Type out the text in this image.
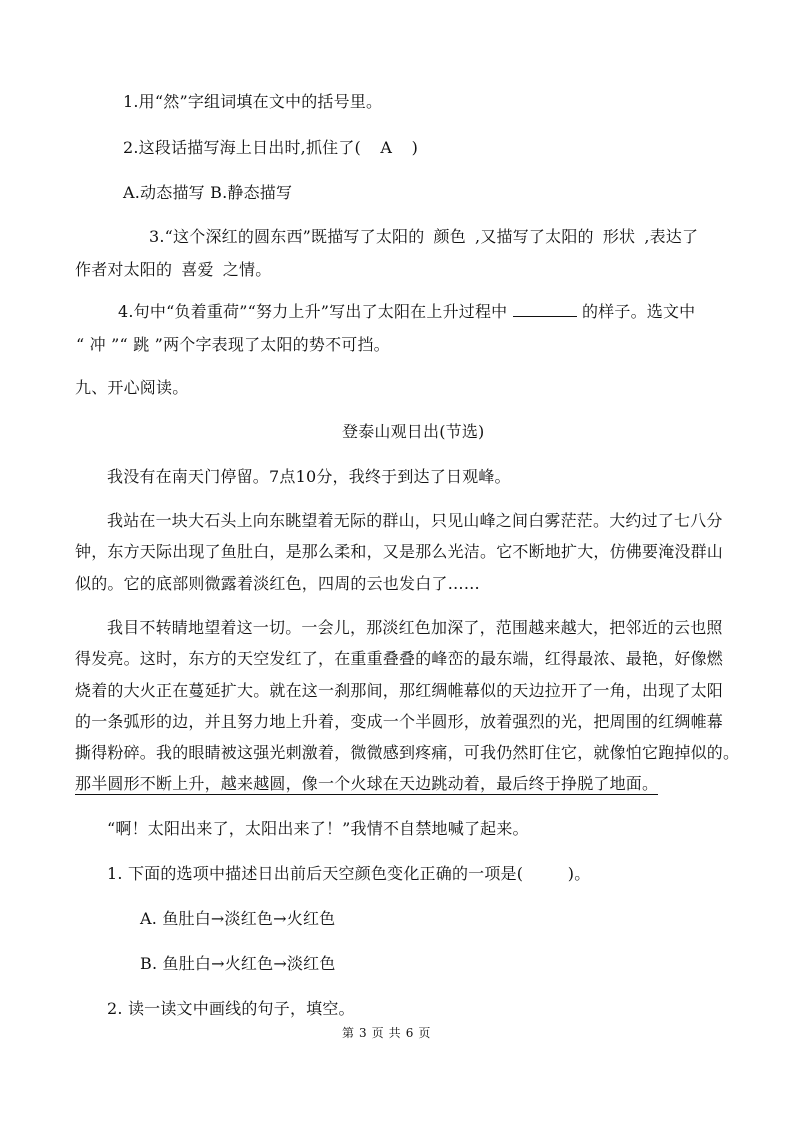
1.用“然”字组词填在文中的括号里。
2.这段话描写海上日出时,抓住了( A )
A.动态描写 B.静态描写
3.“这个深红的圆东西”既描写了太阳的 颜色 ,又描写了太阳的 形状 ,表达了
作者对太阳的 喜爱 之情。
4.句中“负着重荷”“努力上升”写出了太阳在上升过程中	的样子。选文中
“ 冲 ”“ 跳 ”两个字表现了太阳的势不可挡。
九、开心阅读。
登泰山观日出(节选)
我没有在南天门停留。7点10分，我终于到达了日观峰。
我站在一块大石头上向东眺望着无际的群山，只见山峰之间白雾茫茫。大约过了七八分
钟，东方天际出现了鱼肚白，是那么柔和，又是那么光洁。它不断地扩大，仿佛要淹没群山
似的。它的底部则微露着淡红色，四周的云也发白了……
我目不转睛地望着这一切。一会儿，那淡红色加深了，范围越来越大，把邻近的云也照
得发亮。这时，东方的天空发红了，在重重叠叠的峰峦的最东端，红得最浓、最艳，好像燃
烧着的大火正在蔓延扩大。就在这一刹那间，那红绸帷幕似的天边拉开了一角，出现了太阳
的一条弧形的边，并且努力地上升着，变成一个半圆形，放着强烈的光，把周围的红绸帷幕
撕得粉碎。我的眼睛被这强光刺激着，微微感到疼痛，可我仍然盯住它，就像怕它跑掉似的。
那半圆形不断上升，越来越圆，像一个火球在天边跳动着，最后终于挣脱了地面。
“啊！太阳出来了，太阳出来了！”我情不自禁地喊了起来。
1. 下面的选项中描述日出前后天空颜色变化正确的一项是(	)。
A. 鱼肚白→淡红色→火红色
B. 鱼肚白→火红色→淡红色
2. 读一读文中画线的句子，填空。
第 3 页 共 6 页
